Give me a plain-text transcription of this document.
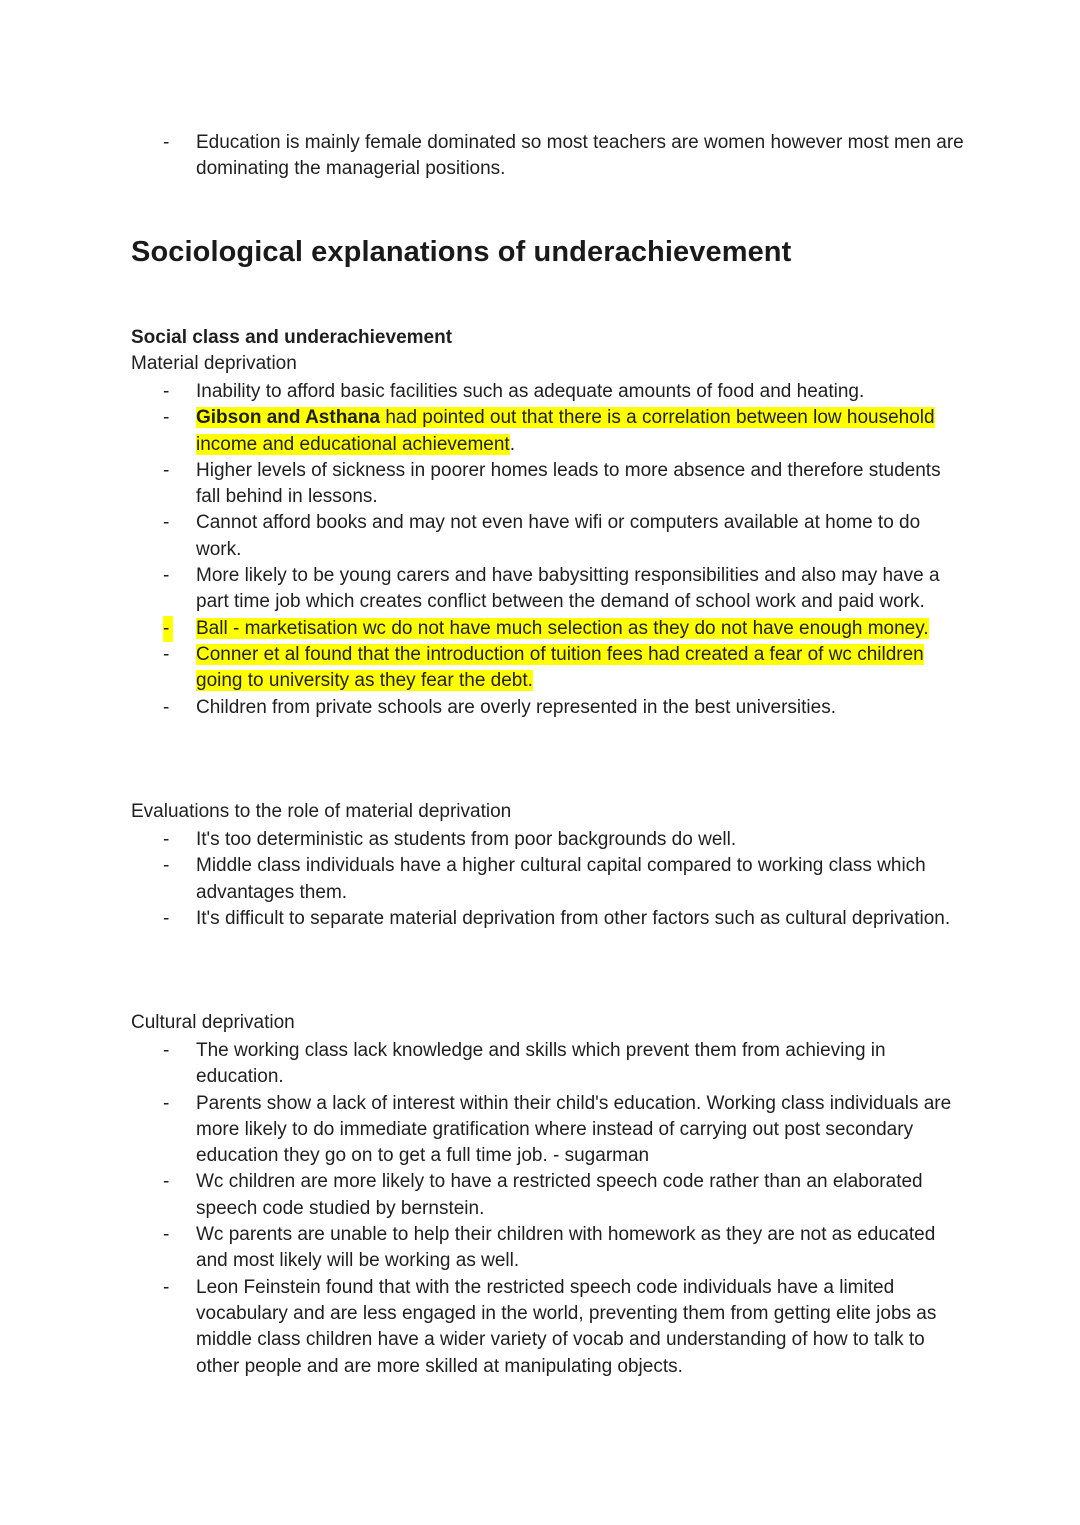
- Education is mainly female dominated so most teachers are women however most men are dominating the managerial positions.
Sociological explanations of underachievement
Social class and underachievement
Material deprivation
- Inability to afford basic facilities such as adequate amounts of food and heating.
- Gibson and Asthana had pointed out that there is a correlation between low household income and educational achievement.
- Higher levels of sickness in poorer homes leads to more absence and therefore students fall behind in lessons.
- Cannot afford books and may not even have wifi or computers available at home to do work.
- More likely to be young carers and have babysitting responsibilities and also may have a part time job which creates conflict between the demand of school work and paid work.
- Ball - marketisation wc do not have much selection as they do not have enough money.
- Conner et al found that the introduction of tuition fees had created a fear of wc children going to university as they fear the debt.
- Children from private schools are overly represented in the best universities.
Evaluations to the role of material deprivation
- It's too deterministic as students from poor backgrounds do well.
- Middle class individuals have a higher cultural capital compared to working class which advantages them.
- It's difficult to separate material deprivation from other factors such as cultural deprivation.
Cultural deprivation
- The working class lack knowledge and skills which prevent them from achieving in education.
- Parents show a lack of interest within their child's education. Working class individuals are more likely to do immediate gratification where instead of carrying out post secondary education they go on to get a full time job. - sugarman
- Wc children are more likely to have a restricted speech code rather than an elaborated speech code studied by bernstein.
- Wc parents are unable to help their children with homework as they are not as educated and most likely will be working as well.
- Leon Feinstein found that with the restricted speech code individuals have a limited vocabulary and are less engaged in the world, preventing them from getting elite jobs as middle class children have a wider variety of vocab and understanding of how to talk to other people and are more skilled at manipulating objects.
